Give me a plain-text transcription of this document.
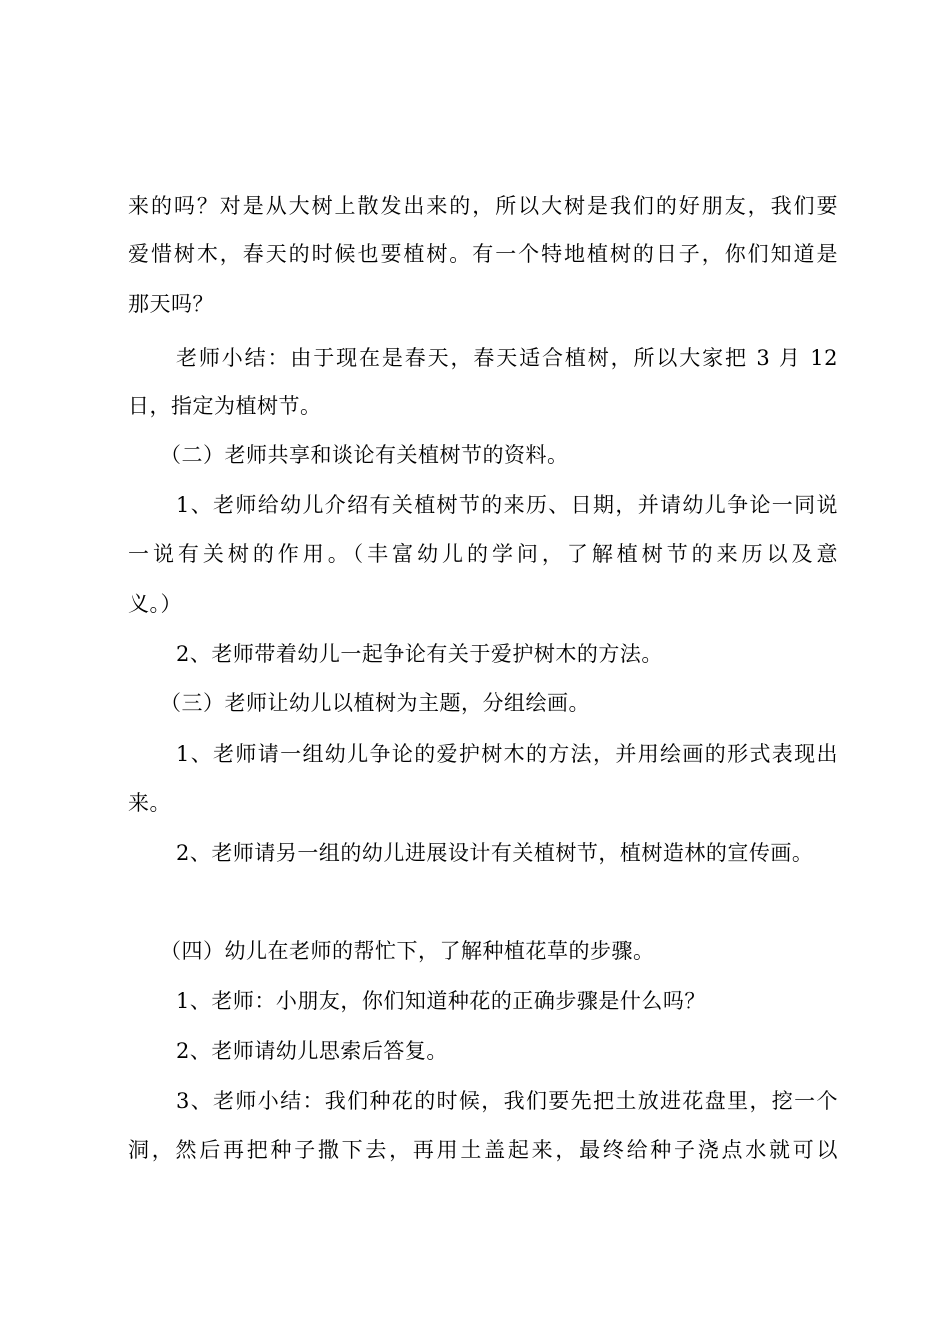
来的吗？对是从大树上散发出来的，所以大树是我们的好朋友，我们要
爱惜树木，春天的时候也要植树。有一个特地植树的日子，你们知道是
那天吗？
老师小结：由于现在是春天，春天适合植树，所以大家把 3 月 12
日，指定为植树节。
（二）老师共享和谈论有关植树节的资料。
1、老师给幼儿介绍有关植树节的来历、日期，并请幼儿争论一同说
一说有关树的作用。（丰富幼儿的学问，了解植树节的来历以及意
义。）
2、老师带着幼儿一起争论有关于爱护树木的方法。
（三）老师让幼儿以植树为主题，分组绘画。
1、老师请一组幼儿争论的爱护树木的方法，并用绘画的形式表现出
来。
2、老师请另一组的幼儿进展设计有关植树节，植树造林的宣传画。
（四）幼儿在老师的帮忙下，了解种植花草的步骤。
1、老师：小朋友，你们知道种花的正确步骤是什么吗？
2、老师请幼儿思索后答复。
3、老师小结：我们种花的时候，我们要先把土放进花盘里，挖一个
洞，然后再把种子撒下去，再用土盖起来，最终给种子浇点水就可以
